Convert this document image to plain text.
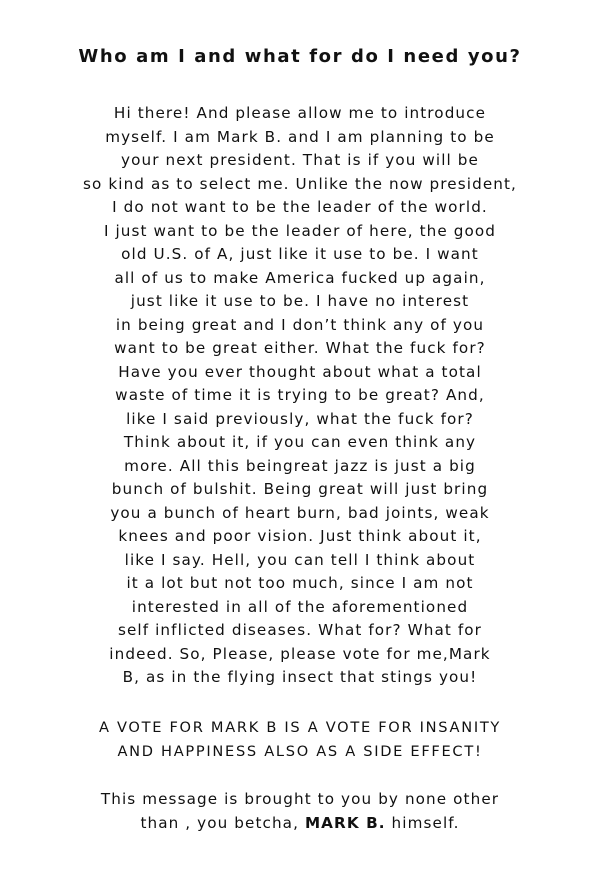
Who am I and what for do I need you?
Hi there! And please allow me to introduce
myself. I am Mark B. and I am planning to be
your next president. That is if you will be
so kind as to select me. Unlike the now president,
I do not want to be the leader of the world.
I just want to be the leader of here, the good
old U.S. of A, just like it use to be. I want
all of us to make America fucked up again,
just like it use to be. I have no interest
in being great and I don’t think any of you
want to be great either. What the fuck for?
Have you ever thought about what a total
waste of time it is trying to be great? And,
like I said previously, what the fuck for?
Think about it, if you can even think any
more. All this beingreat jazz is just a big
bunch of bulshit. Being great will just bring
you a bunch of heart burn, bad joints, weak
knees and poor vision. Just think about it,
like I say. Hell, you can tell I think about
it a lot but not too much, since I am not
interested in all of the aforementioned
self inflicted diseases. What for? What for
indeed. So, Please, please vote for me,Mark
B, as in the flying insect that stings you!
A VOTE FOR MARK B IS A VOTE FOR INSANITY
AND HAPPINESS ALSO AS A SIDE EFFECT!
This message is brought to you by none other
than , you betcha, MARK B. himself.
